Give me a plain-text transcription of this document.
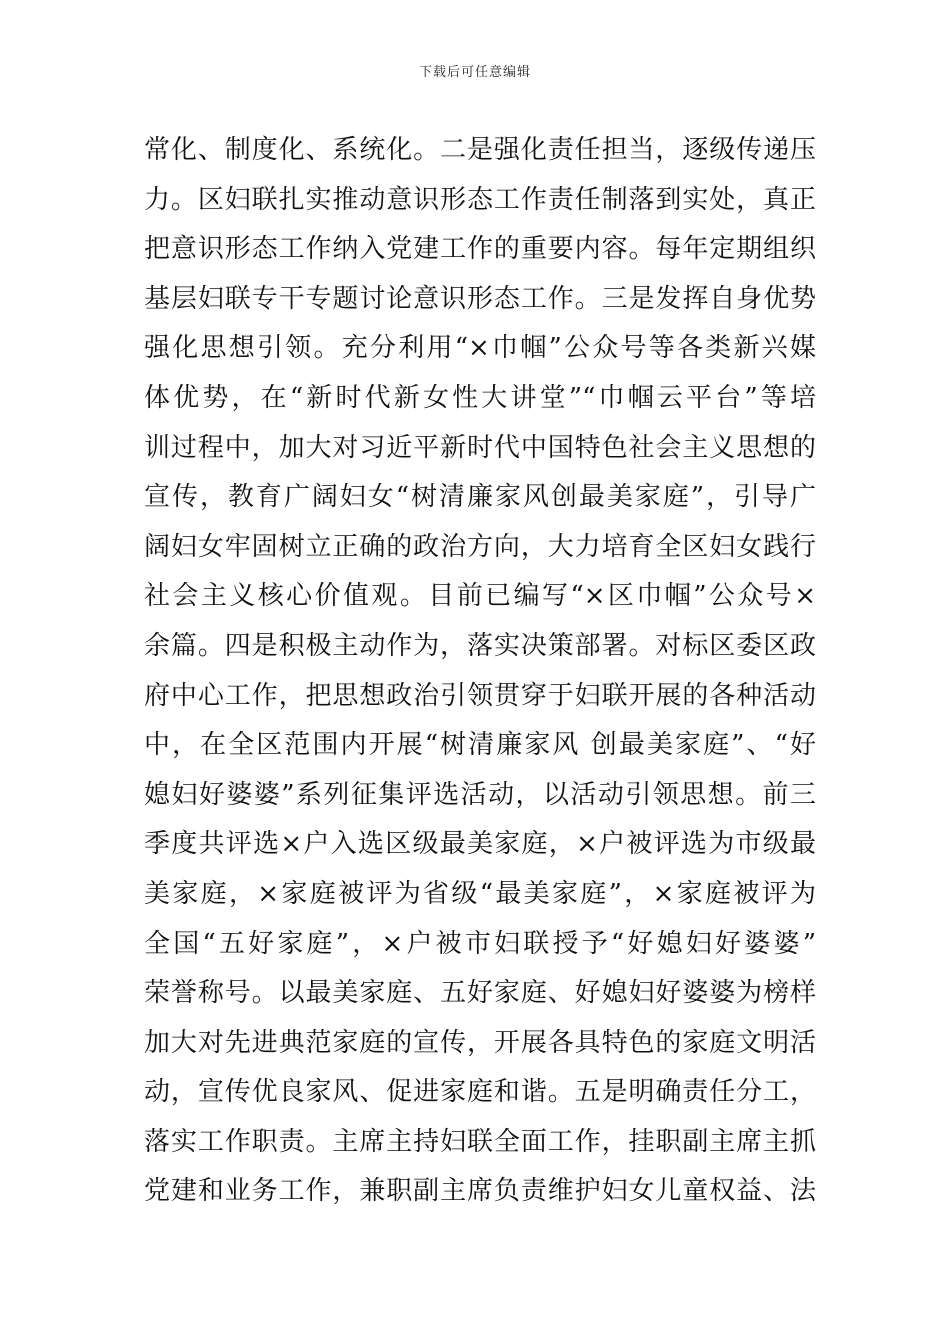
下载后可任意编辑
常化、制度化、系统化。二是强化责任担当，逐级传递压
力。区妇联扎实推动意识形态工作责任制落到实处，真正
把意识形态工作纳入党建工作的重要内容。每年定期组织
基层妇联专干专题讨论意识形态工作。三是发挥自身优势
强化思想引领。充分利用“×巾帼”公众号等各类新兴媒
体优势，在“新时代新女性大讲堂”“巾帼云平台”等培
训过程中，加大对习近平新时代中国特色社会主义思想的
宣传，教育广阔妇女“树清廉家风创最美家庭”，引导广
阔妇女牢固树立正确的政治方向，大力培育全区妇女践行
社会主义核心价值观。目前已编写“×区巾帼”公众号×
余篇。四是积极主动作为，落实决策部署。对标区委区政
府中心工作，把思想政治引领贯穿于妇联开展的各种活动
中，在全区范围内开展“树清廉家风 创最美家庭”、“好
媳妇好婆婆”系列征集评选活动，以活动引领思想。前三
季度共评选×户入选区级最美家庭，×户被评选为市级最
美家庭，×家庭被评为省级“最美家庭”，×家庭被评为
全国“五好家庭”，×户被市妇联授予“好媳妇好婆婆”
荣誉称号。以最美家庭、五好家庭、好媳妇好婆婆为榜样
加大对先进典范家庭的宣传，开展各具特色的家庭文明活
动，宣传优良家风、促进家庭和谐。五是明确责任分工，
落实工作职责。主席主持妇联全面工作，挂职副主席主抓
党建和业务工作，兼职副主席负责维护妇女儿童权益、法
